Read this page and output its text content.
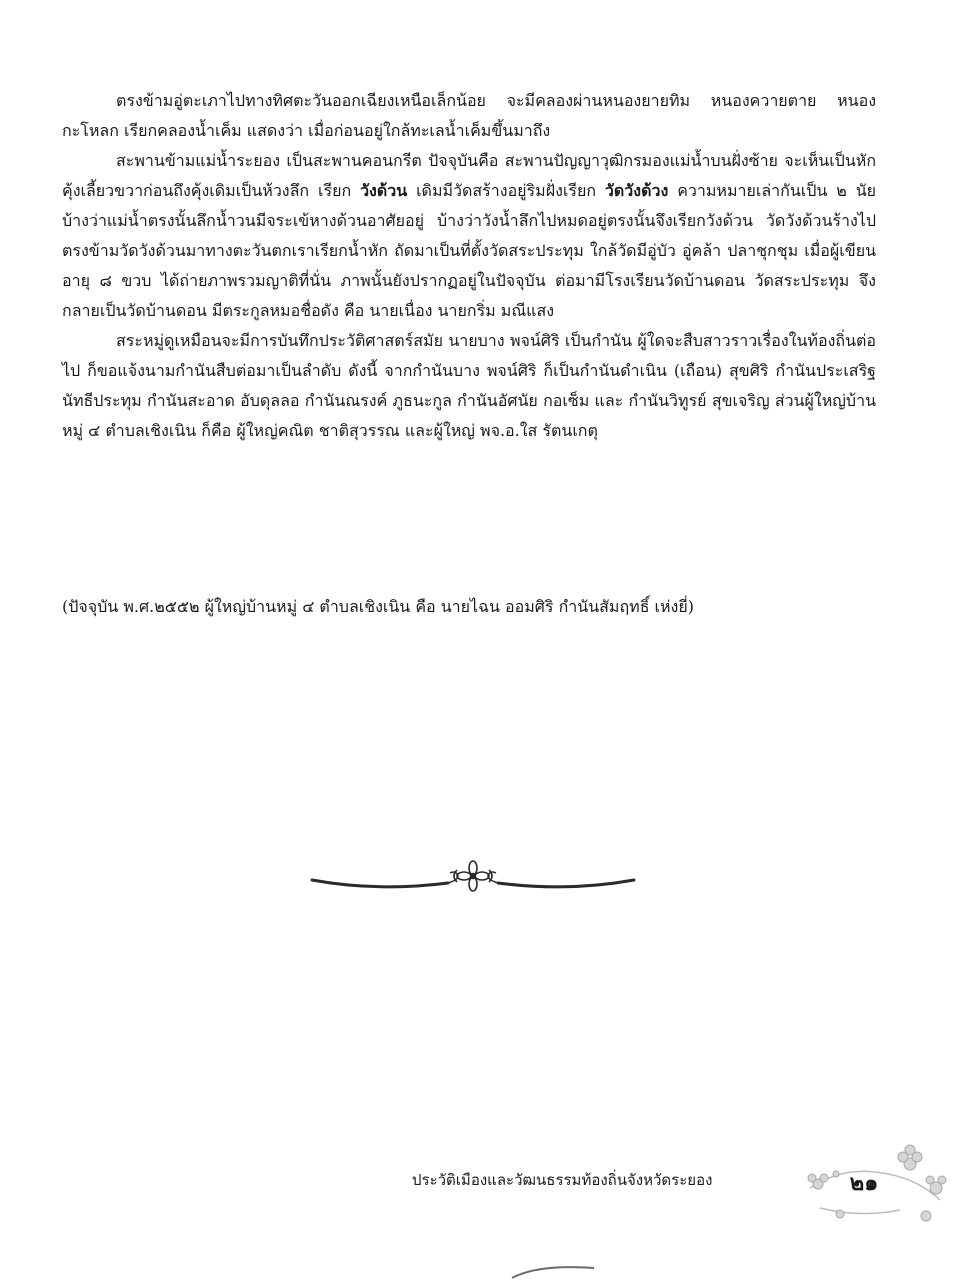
ตรงข้ามอู่ตะเภาไปทางทิศตะวันออกเฉียงเหนือเล็กน้อย จะมีคลองผ่านหนองยายทิม หนองควายตาย หนองกะโหลก เรียกคลองน้ำเค็ม แสดงว่า เมื่อก่อนอยู่ใกล้ทะเลน้ำเค็มขึ้นมาถึง

สะพานข้ามแม่น้ำระยอง เป็นสะพานคอนกรีต ปัจจุบันคือ สะพานปัญญาวุฒิกรมองแม่น้ำบนฝั่งซ้าย จะเห็นเป็นหักคุ้งเลี้ยวขวาก่อนถึงคุ้งเดิมเป็นห้วงลึก เรียก วังด้วน เดิมมีวัดสร้างอยู่ริมฝั่งเรียก วัดวังด้วง ความหมายเล่ากันเป็น ๒ นัย บ้างว่าแม่น้ำตรงนั้นลึกน้ำวนมีจระเข้หางด้วนอาศัยอยู่ บ้างว่าวังน้ำลึกไปหมดอยู่ตรงนั้นจึงเรียกวังด้วน วัดวังด้วนร้างไปตรงข้ามวัดวังด้วนมาทางตะวันตกเราเรียกน้ำหัก ถัดมาเป็นที่ตั้งวัดสระประทุม ใกล้วัดมีอู่บัว อู่คล้า ปลาชุกชุม เมื่อผู้เขียนอายุ ๘ ขวบ ได้ถ่ายภาพรวมญาติที่นั่น ภาพนั้นยังปรากฏอยู่ในปัจจุบัน ต่อมามีโรงเรียนวัดบ้านดอน วัดสระประทุม จึงกลายเป็นวัดบ้านดอน มีตระกูลหมอชื่อดัง คือ นายเนื่อง นายกริ่ม มณีแสง

สระหมู่ดูเหมือนจะมีการบันทึกประวัติศาสตร์สมัย นายบาง พจน์ศิริ เป็นกำนัน ผู้ใดจะสืบสาวราวเรื่องในท้องถิ่นต่อไป ก็ขอแจ้งนามกำนันสืบต่อมาเป็นลำดับ ดังนี้ จากกำนันบาง พจน์ศิริ ก็เป็นกำนันดำเนิน (เถือน) สุขศิริ กำนันประเสริฐ นัทธีประทุม กำนันสะอาด อับดุลลอ กำนันณรงค์ ภูธนะกูล กำนันอัศนัย กอเซ็ม และ กำนันวิทูรย์ สุขเจริญ ส่วนผู้ใหญ่บ้านหมู่ ๔ ตำบลเชิงเนิน ก็คือ ผู้ใหญ่คณิต ชาติสุวรรณ และผู้ใหญ่ พจ.อ.ใส รัตนเกตุ

(ปัจจุบัน พ.ศ.๒๕๕๒ ผู้ใหญ่บ้านหมู่ ๔ ตำบลเชิงเนิน คือ นายไฉน ออมศิริ กำนันสัมฤทธิ์ เห่งยี่)

ประวัติเมืองและวัฒนธรรมท้องถิ่นจังหวัดระยอง	๒๑
